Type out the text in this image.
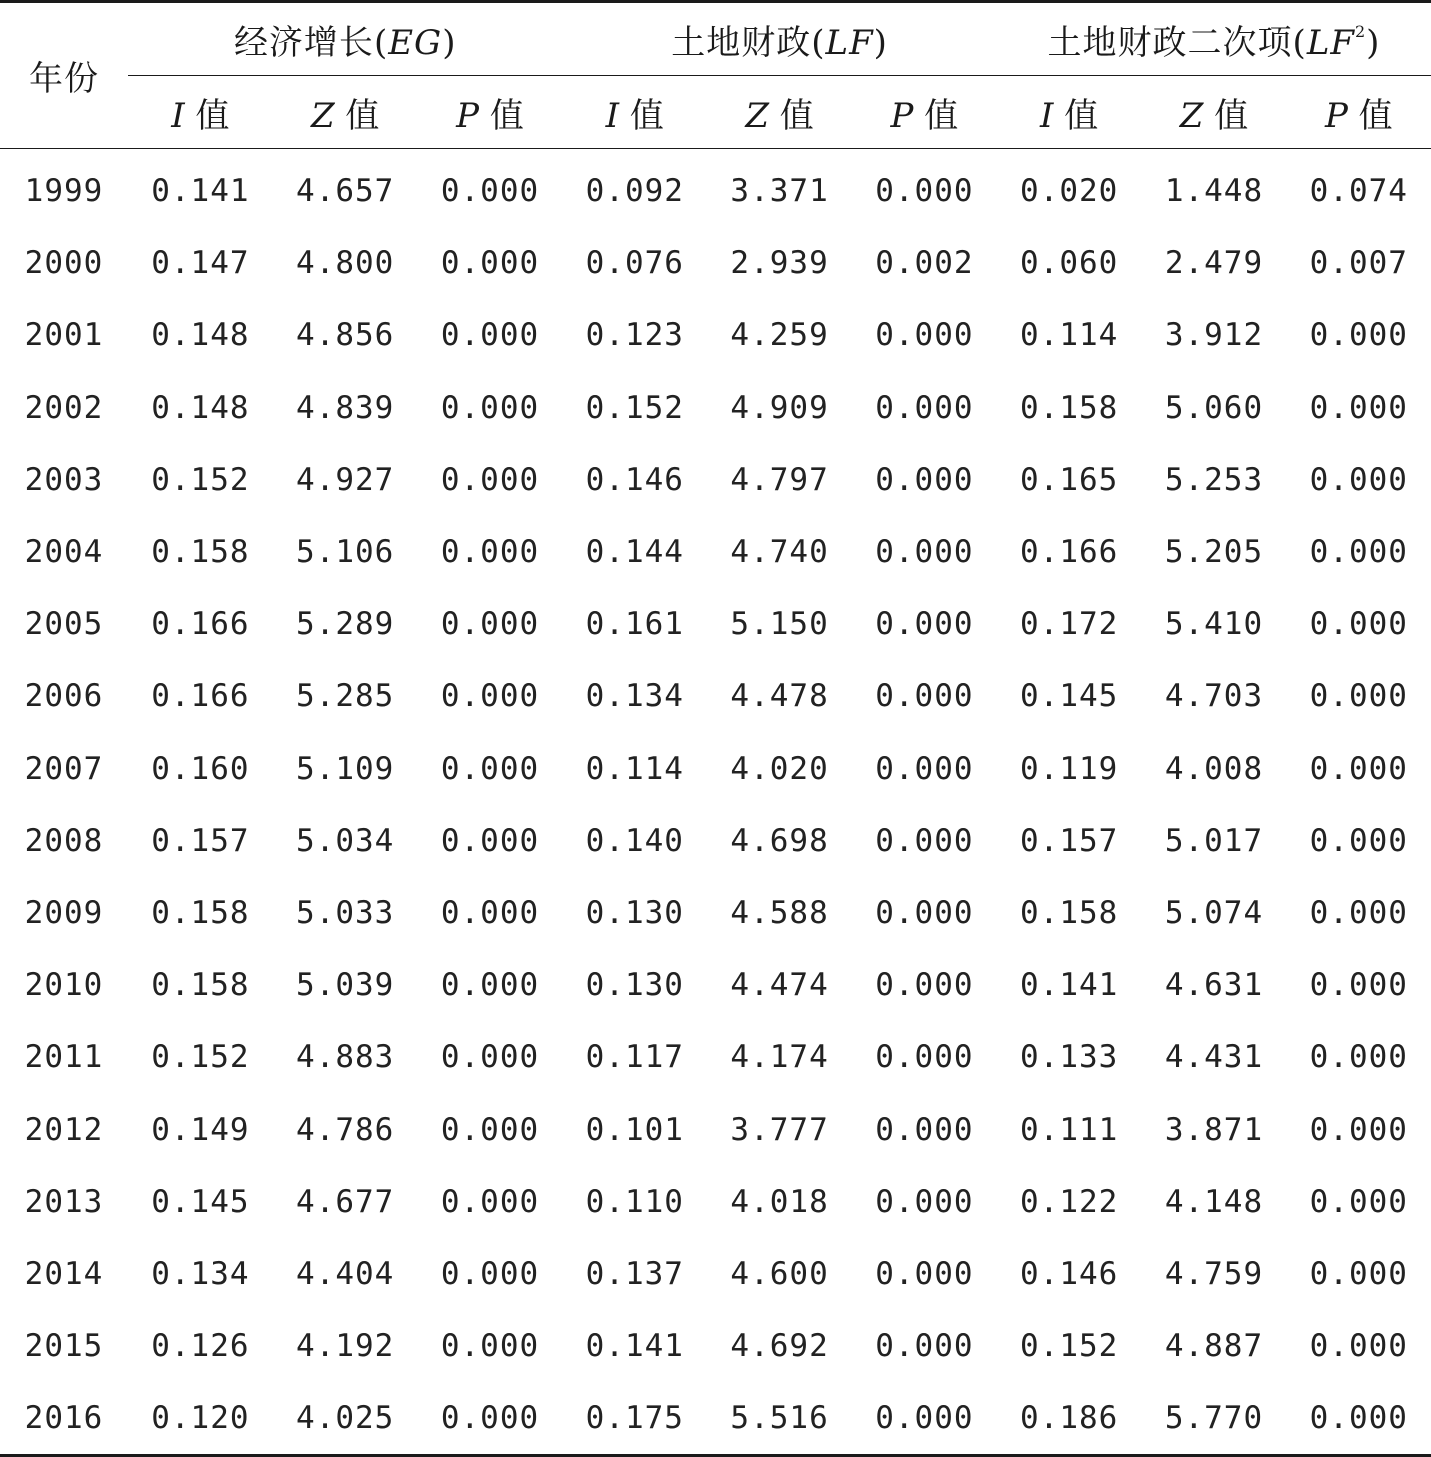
年份	经济增长(EG)			土地财政(LF)			土地财政二次项$(LF^2)$		
	I 值	Z 值	P 值	I 值	Z 值	P 值	I 值	Z 值	P 值
1999	0.141	4.657	0.000	0.092	3.371	0.000	0.020	1.448	0.074
2000	0.147	4.800	0.000	0.076	2.939	0.002	0.060	2.479	0.007
2001	0.148	4.856	0.000	0.123	4.259	0.000	0.114	3.912	0.000
2002	0.148	4.839	0.000	0.152	4.909	0.000	0.158	5.060	0.000
2003	0.152	4.927	0.000	0.146	4.797	0.000	0.165	5.253	0.000
2004	0.158	5.106	0.000	0.144	4.740	0.000	0.166	5.205	0.000
2005	0.166	5.289	0.000	0.161	5.150	0.000	0.172	5.410	0.000
2006	0.166	5.285	0.000	0.134	4.478	0.000	0.145	4.703	0.000
2007	0.160	5.109	0.000	0.114	4.020	0.000	0.119	4.008	0.000
2008	0.157	5.034	0.000	0.140	4.698	0.000	0.157	5.017	0.000
2009	0.158	5.033	0.000	0.130	4.588	0.000	0.158	5.074	0.000
2010	0.158	5.039	0.000	0.130	4.474	0.000	0.141	4.631	0.000
2011	0.152	4.883	0.000	0.117	4.174	0.000	0.133	4.431	0.000
2012	0.149	4.786	0.000	0.101	3.777	0.000	0.111	3.871	0.000
2013	0.145	4.677	0.000	0.110	4.018	0.000	0.122	4.148	0.000
2014	0.134	4.404	0.000	0.137	4.600	0.000	0.146	4.759	0.000
2015	0.126	4.192	0.000	0.141	4.692	0.000	0.152	4.887	0.000
2016	0.120	4.025	0.000	0.175	5.516	0.000	0.186	5.770	0.000
